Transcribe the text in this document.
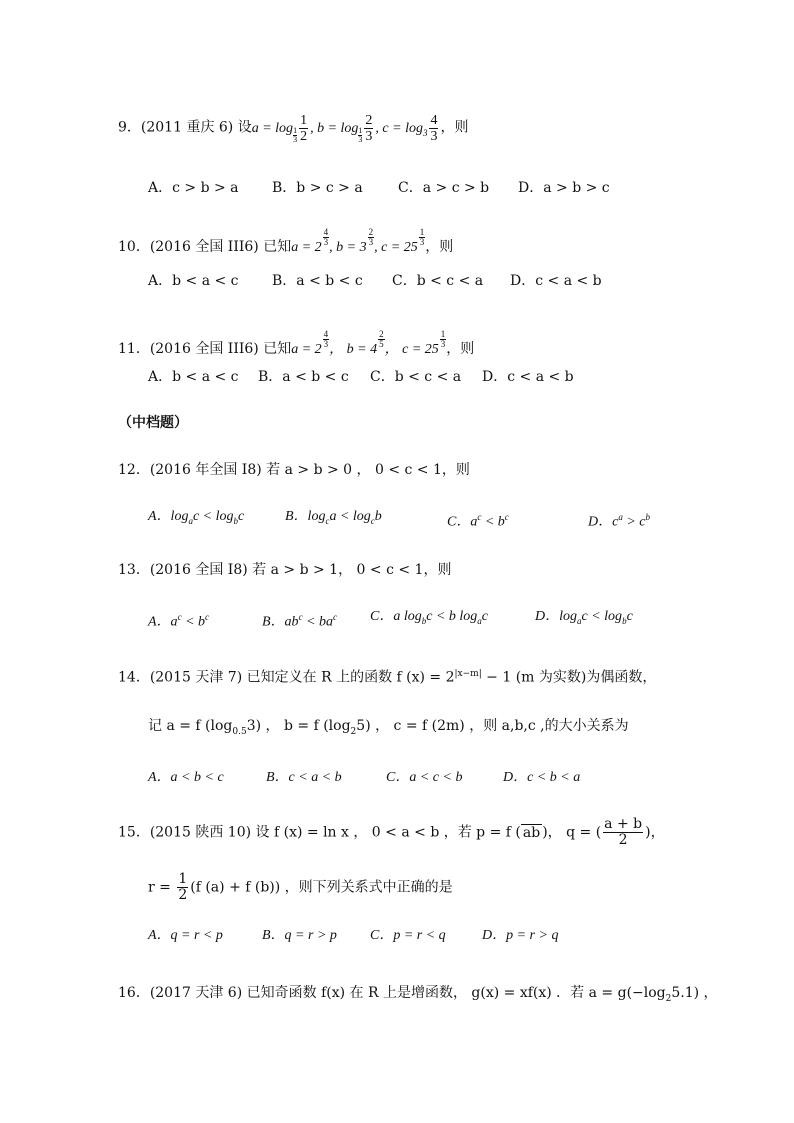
9．(2011 重庆 6) 设$a = \log \frac{1}{3} \frac{1}{2}$ , $b = \log \frac{1}{3} \frac{2}{3}$ , $c = \log_3 \frac{4}{3}$ ，则
A．c > b > a B．b > c > a	C．a > c > b D．a > b > c
10．(2016 全国 III6) 已知a = 2
$\frac{4}{3}$
, b = 3
$\frac{2}{3}$
, c = 25
$\frac{1}{3}$ ，则
A．b < a < c B．a < b < c C．b < c < a D．c < a < b
11．(2016 全国 III6) 已知a = 2
$\frac{4}{3}$
， b = 4
$\frac{2}{5}$
， c = 25
$\frac{1}{3}$ ，则
A．b < a < c B．a < b < c C．b < c < a D．c < a < b
（中档题）
12．(2016 年全国 I8) 若 a > b > 0 ， 0 < c < 1，则
A．$\log_ac < \log_bc$	B．$\log_ca < \log_cb$	C．$a^c < b^c$	D．$c^a > c^b$
13．(2016 全国 I8) 若 a > b > 1， 0 < c < 1，则
A．$a^c < b^c$	B．$ab^c < ba^c$ C．a $\log_bc < b$ $\log_ac$	D．$\log_ac < \log_bc$
14．(2015 天津 7) 已知定义在 R 上的函数 f $(x) = 2^{|x-m|} - 1$ (m 为实数)为偶函数，
记 a = f $(\log_{0.5}3)$ ， b = f $(\log_25)$ ， c = f (2m) ，则 a,b,c ,的大小关系为
A．a < b < c	B．c < a < b	C．a < c < b	D．c < b < a
15．(2015 陕西 10) 设 f (x) = ln x ， 0 < a < b ，若 p = f ( ab )， q = ( $\frac{a + b}{2}$ )，
$r = \frac{1}{2} (f$ (a) + f (b)) ，则下列关系式中正确的是
A．q = r < p	B．q = r > p C．p = r < q	D．p = r > q
16．(2017 天津 6) 已知奇函数 f(x) 在 R 上是增函数， g(x) = xf(x) ．若 $a = g(-\log_25.1)$ ，
